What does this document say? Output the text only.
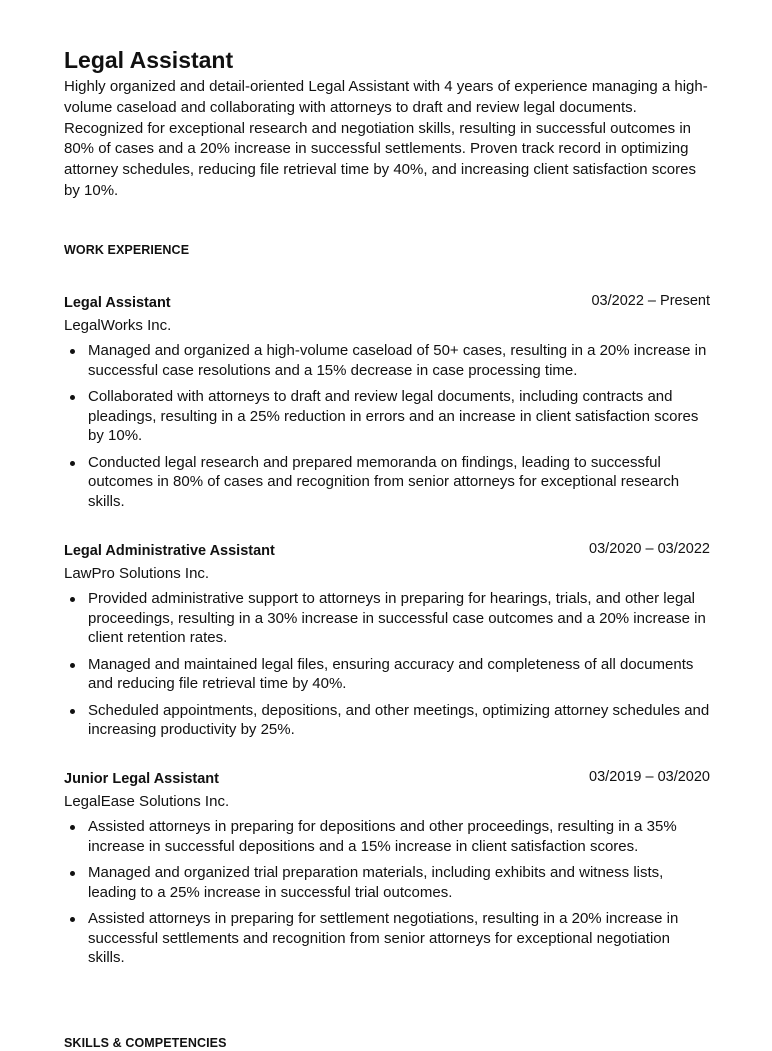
Legal Assistant

Highly organized and detail-oriented Legal Assistant with 4 years of experience managing a high-volume caseload and collaborating with attorneys to draft and review legal documents. Recognized for exceptional research and negotiation skills, resulting in successful outcomes in 80% of cases and a 20% increase in successful settlements. Proven track record in optimizing attorney schedules, reducing file retrieval time by 40%, and increasing client satisfaction scores by 10%.

WORK EXPERIENCE
Legal Assistant	03/2022 – Present
LegalWorks Inc.
Managed and organized a high-volume caseload of 50+ cases, resulting in a 20% increase in successful case resolutions and a 15% decrease in case processing time.
Collaborated with attorneys to draft and review legal documents, including contracts and pleadings, resulting in a 25% reduction in errors and an increase in client satisfaction scores by 10%.
Conducted legal research and prepared memoranda on findings, leading to successful outcomes in 80% of cases and recognition from senior attorneys for exceptional research skills.
Legal Administrative Assistant	03/2020 – 03/2022
LawPro Solutions Inc.
Provided administrative support to attorneys in preparing for hearings, trials, and other legal proceedings, resulting in a 30% increase in successful case outcomes and a 20% increase in client retention rates.
Managed and maintained legal files, ensuring accuracy and completeness of all documents and reducing file retrieval time by 40%.
Scheduled appointments, depositions, and other meetings, optimizing attorney schedules and increasing productivity by 25%.
Junior Legal Assistant	03/2019 – 03/2020
LegalEase Solutions Inc.
Assisted attorneys in preparing for depositions and other proceedings, resulting in a 35% increase in successful depositions and a 15% increase in client satisfaction scores.
Managed and organized trial preparation materials, including exhibits and witness lists, leading to a 25% increase in successful trial outcomes.
Assisted attorneys in preparing for settlement negotiations, resulting in a 20% increase in successful settlements and recognition from senior attorneys for exceptional negotiation skills.
SKILLS & COMPETENCIES
